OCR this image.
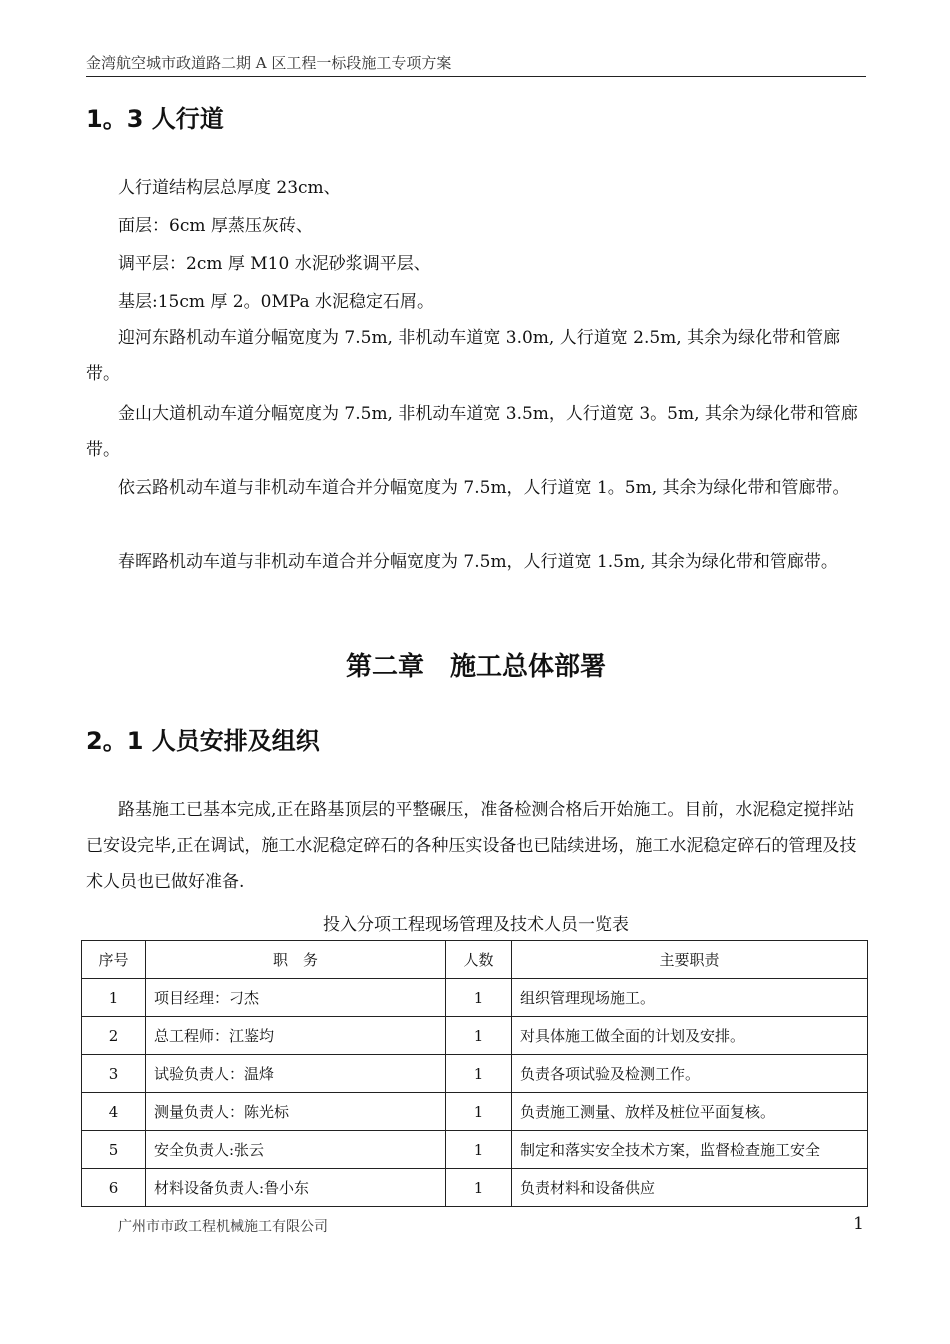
金湾航空城市政道路二期 A 区工程一标段施工专项方案
1。3 人行道
人行道结构层总厚度 23cm、
面层：6cm 厚蒸压灰砖、
调平层：2cm 厚 M10 水泥砂浆调平层、
基层:15cm 厚 2。0MPa 水泥稳定石屑。
迎河东路机动车道分幅宽度为 7.5m, 非机动车道宽 3.0m, 人行道宽 2.5m, 其余为绿化带和管廊带。
金山大道机动车道分幅宽度为 7.5m, 非机动车道宽 3.5m，人行道宽 3。5m, 其余为绿化带和管廊带。
依云路机动车道与非机动车道合并分幅宽度为 7.5m，人行道宽 1。5m, 其余为绿化带和管廊带。
春晖路机动车道与非机动车道合并分幅宽度为 7.5m，人行道宽 1.5m, 其余为绿化带和管廊带。
第二章　施工总体部署
2。1 人员安排及组织
路基施工已基本完成,正在路基顶层的平整碾压，准备检测合格后开始施工。目前，水泥稳定搅拌站已安设完毕,正在调试，施工水泥稳定碎石的各种压实设备也已陆续进场，施工水泥稳定碎石的管理及技术人员也已做好准备.
投入分项工程现场管理及技术人员一览表
序号	职　务	人数	主要职责
1	项目经理：刁杰	1	组织管理现场施工。
2	总工程师：江鉴均	1	对具体施工做全面的计划及安排。
3	试验负责人：温烽	1	负责各项试验及检测工作。
4	测量负责人：陈光标	1	负责施工测量、放样及桩位平面复核。
5	安全负责人:张云	1	制定和落实安全技术方案，监督检查施工安全
6	材料设备负责人:鲁小东	1	负责材料和设备供应
广州市市政工程机械施工有限公司	1
